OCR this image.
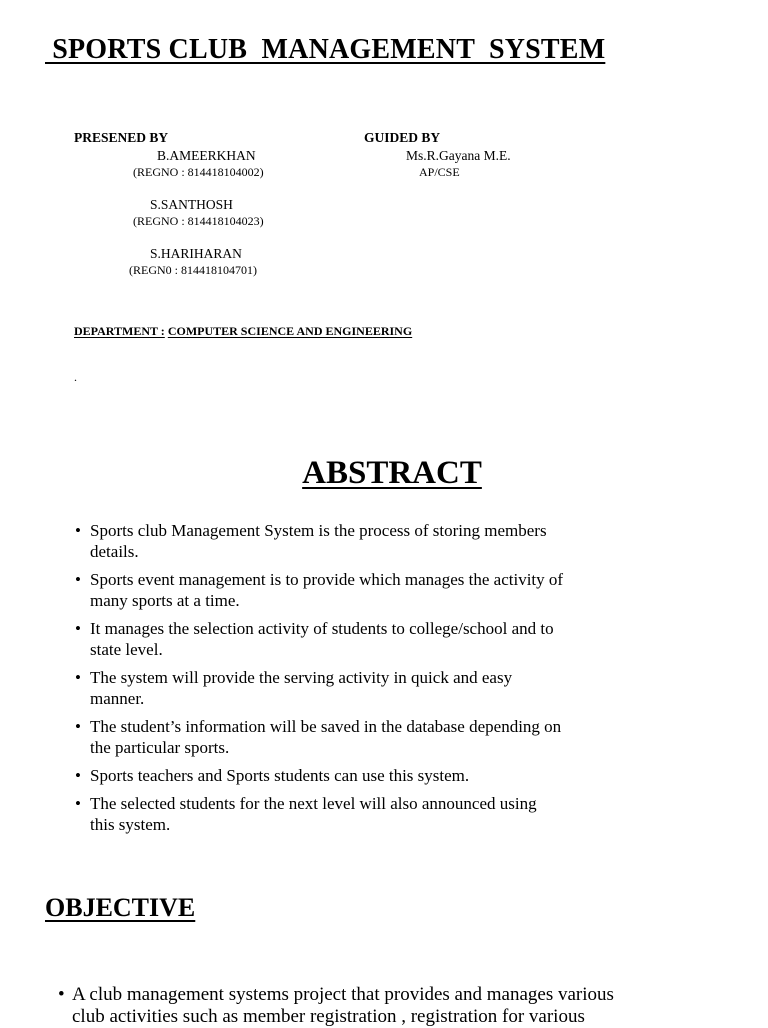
SPORTS CLUB  MANAGEMENT  SYSTEM
PRESENED BY	GUIDED BY
B.AMEERKHAN
(REGNO : 814418104002)
S.SANTHOSH
(REGNO : 814418104023)
S.HARIHARAN
(REGN0 : 814418104701)
Ms.R.Gayana M.E.
AP/CSE
DEPARTMENT : COMPUTER SCIENCE AND ENGINEERING
.
ABSTRACT
• Sports club Management System is the process of storing members
details.
• Sports event management is to provide which manages the activity of
many sports at a time.
• It manages the selection activity of students to college/school and to
state level.
• The system will provide the serving activity in quick and easy
manner.
• The student’s information will be saved in the database depending on
the particular sports.
• Sports teachers and Sports students can use this system.
• The selected students for the next level will also announced using
this system.
OBJECTIVE
• A club management systems project that provides and manages various
club activities such as member registration , registration for various
